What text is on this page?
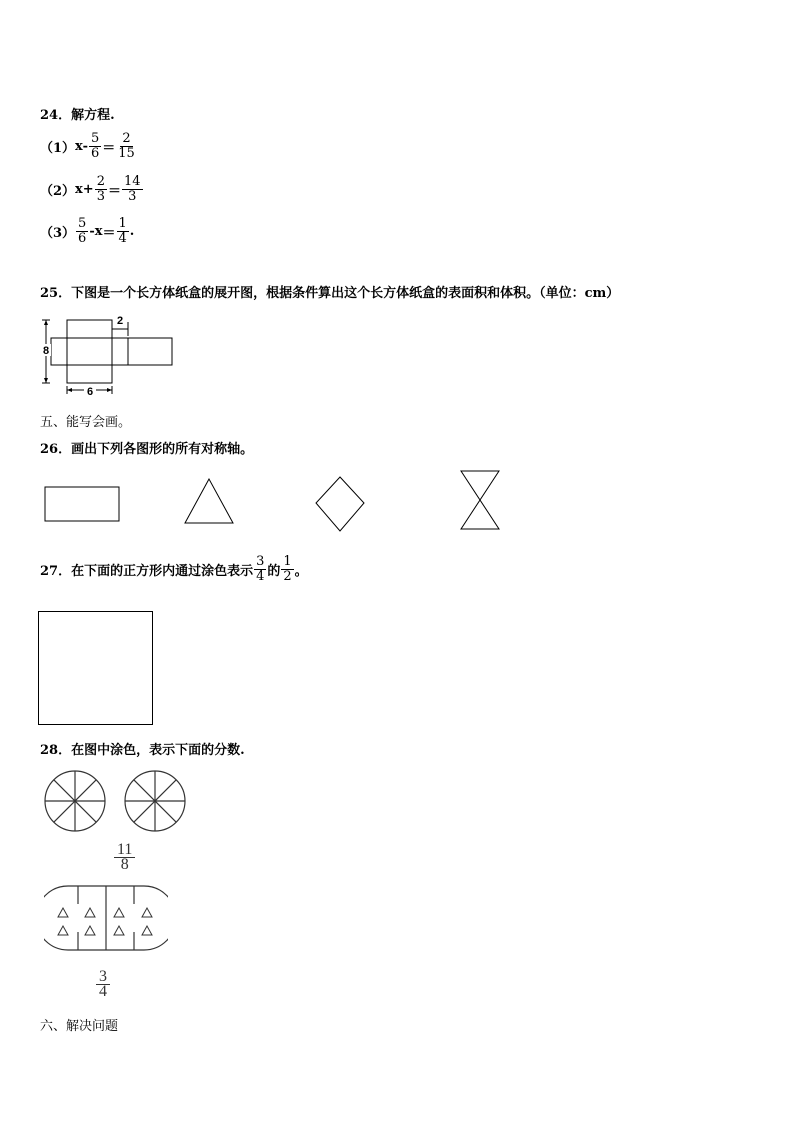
24．解方程.
（1） $x- \frac{5}{6} = \frac{2}{15}$
（2） $x+ \frac{2}{3} = \frac{14}{3}$
$(3) \frac{5}{6} -x = \frac{1}{4}$ .
25．下图是一个长方体纸盒的展开图，根据条件算出这个长方体纸盒的表面积和体积。（单位：cm）
8
2
6
五、能写会画。
26．画出下列各图形的所有对称轴。
27．在下面的正方形内通过涂色表示 $\frac{3}{4}$ 的 $\frac{1}{2}$ 。
28．在图中涂色，表示下面的分数.
$\frac{11}{8}$
$\frac{3}{4}$
六、解决问题
